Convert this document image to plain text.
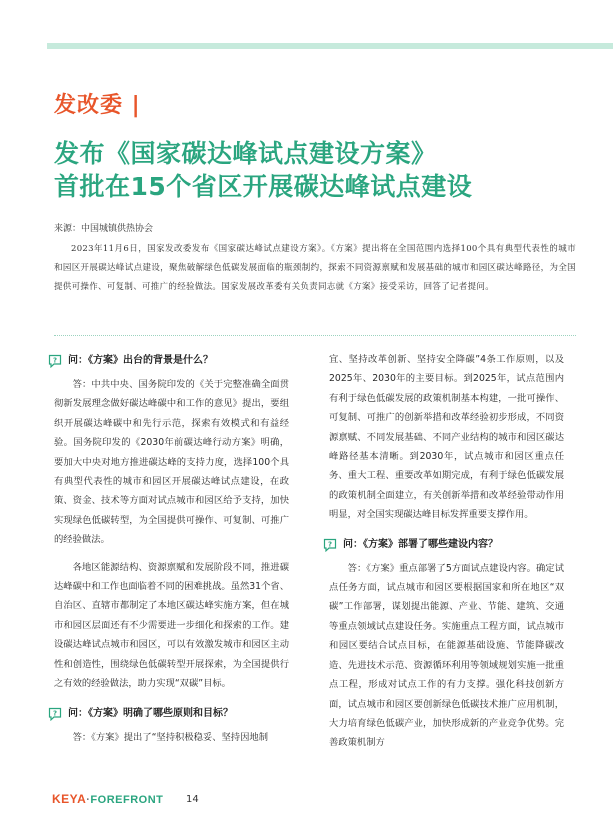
发改委 |
发布《国家碳达峰试点建设方案》
首批在15个省区开展碳达峰试点建设
来源：中国城镇供热协会
2023年11月6日，国家发改委发布《国家碳达峰试点建设方案》。《方案》提出将在全国范围内选择100个具有典型代表性的城市和园区开展碳达峰试点建设，聚焦破解绿色低碳发展面临的瓶颈制约，探索不同资源禀赋和发展基础的城市和园区碳达峰路径，为全国提供可操作、可复制、可推广的经验做法。国家发展改革委有关负责同志就《方案》接受采访，回答了记者提问。
? 问：《方案》出台的背景是什么？

答：中共中央、国务院印发的《关于完整准确全面贯彻新发展理念做好碳达峰碳中和工作的意见》提出，要组织开展碳达峰碳中和先行示范，探索有效模式和有益经验。国务院印发的《2030年前碳达峰行动方案》明确，要加大中央对地方推进碳达峰的支持力度，选择100个具有典型代表性的城市和园区开展碳达峰试点建设，在政策、资金、技术等方面对试点城市和园区给予支持，加快实现绿色低碳转型，为全国提供可操作、可复制、可推广的经验做法。

各地区能源结构、资源禀赋和发展阶段不同，推进碳达峰碳中和工作也面临着不同的困难挑战。虽然31个省、自治区、直辖市都制定了本地区碳达峰实施方案，但在城市和园区层面还有不少需要进一步细化和探索的工作。建设碳达峰试点城市和园区，可以有效激发城市和园区主动性和创造性，围绕绿色低碳转型开展探索，为全国提供行之有效的经验做法，助力实现“双碳”目标。

? 问：《方案》明确了哪些原则和目标？

答：《方案》提出了“坚持积极稳妥、坚持因地制

宜、坚持改革创新、坚持安全降碳”4条工作原则，以及2025年、2030年的主要目标。到2025年，试点范围内有利于绿色低碳发展的政策机制基本构建，一批可操作、可复制、可推广的创新举措和改革经验初步形成，不同资源禀赋、不同发展基础、不同产业结构的城市和园区碳达峰路径基本清晰。到2030年，试点城市和园区重点任务、重大工程、重要改革如期完成，有利于绿色低碳发展的政策机制全面建立，有关创新举措和改革经验带动作用明显，对全国实现碳达峰目标发挥重要支撑作用。

? 问：《方案》部署了哪些建设内容？

答：《方案》重点部署了5方面试点建设内容。确定试点任务方面，试点城市和园区要根据国家和所在地区“双碳”工作部署，谋划提出能源、产业、节能、建筑、交通等重点领域试点建设任务。实施重点工程方面，试点城市和园区要结合试点目标，在能源基础设施、节能降碳改造、先进技术示范、资源循环利用等领域规划实施一批重点工程，形成对试点工作的有力支撑。强化科技创新方面，试点城市和园区要创新绿色低碳技术推广应用机制，大力培育绿色低碳产业，加快形成新的产业竞争优势。完善政策机制方

KEYA·FOREFRONT 14
